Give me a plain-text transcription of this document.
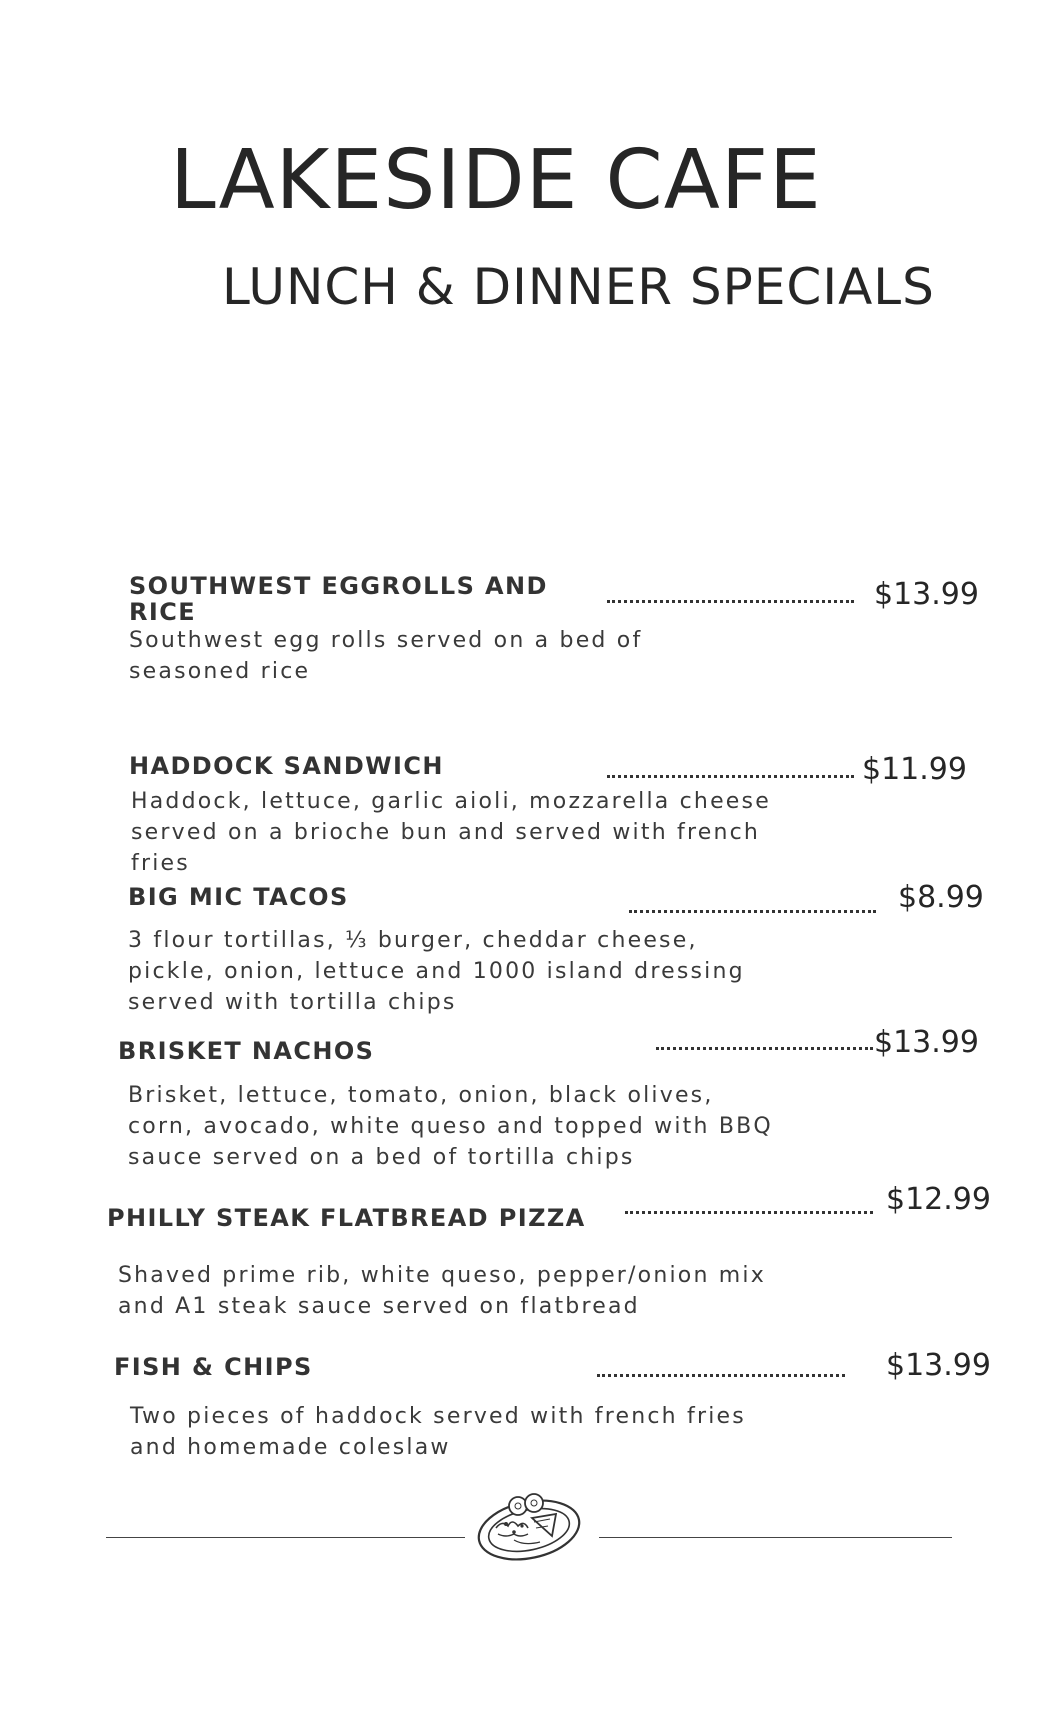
LAKESIDE CAFE
LUNCH & DINNER SPECIALS
SOUTHWEST EGGROLLS AND RICE	$13.99
Southwest egg rolls served on a bed of seasoned rice
HADDOCK SANDWICH	$11.99
Haddock, lettuce, garlic aioli, mozzarella cheese served on a brioche bun and served with french fries
BIG MIC TACOS	$8.99
3 flour tortillas, ⅓ burger, cheddar cheese, pickle, onion, lettuce and 1000 island dressing served with tortilla chips
BRISKET NACHOS	$13.99
Brisket, lettuce, tomato, onion, black olives, corn, avocado, white queso and topped with BBQ sauce served on a bed of tortilla chips
PHILLY STEAK FLATBREAD PIZZA
$12.99
Shaved prime rib, white queso, pepper/onion mix and A1 steak sauce served on flatbread
FISH & CHIPS	$13.99
Two pieces of haddock served with french fries and homemade coleslaw
